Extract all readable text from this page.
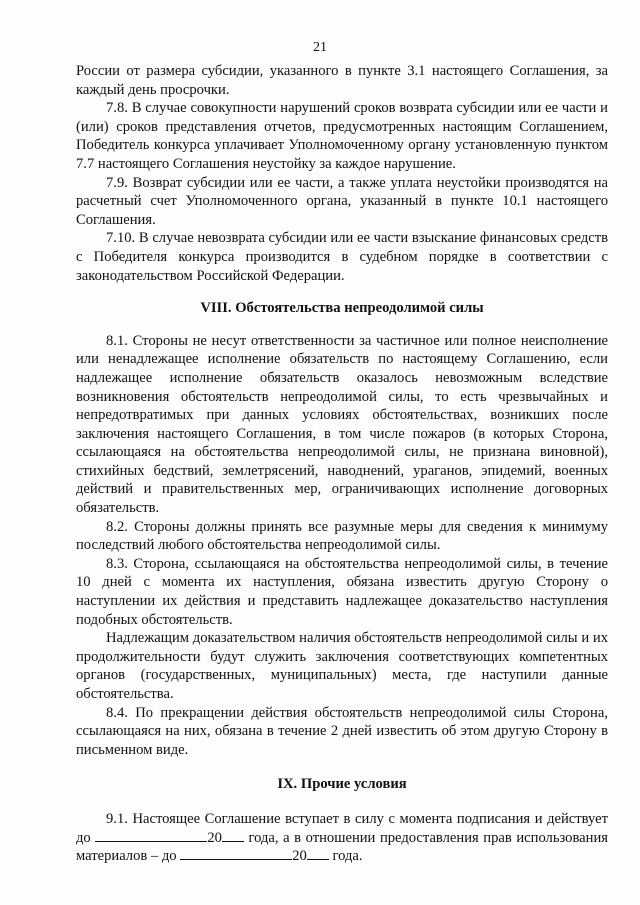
21

России от размера субсидии, указанного в пункте 3.1 настоящего Соглашения, за каждый день просрочки.

7.8. В случае совокупности нарушений сроков возврата субсидии или ее части и (или) сроков представления отчетов, предусмотренных настоящим Соглашением, Победитель конкурса уплачивает Уполномоченному органу установленную пунктом 7.7 настоящего Соглашения неустойку за каждое нарушение.

7.9. Возврат субсидии или ее части, а также уплата неустойки производятся на расчетный счет Уполномоченного органа, указанный в пункте 10.1 настоящего Соглашения.

7.10. В случае невозврата субсидии или ее части взыскание финансовых средств с Победителя конкурса производится в судебном порядке в соответствии с законодательством Российской Федерации.

VIII. Обстоятельства непреодолимой силы

8.1. Стороны не несут ответственности за частичное или полное неисполнение или ненадлежащее исполнение обязательств по настоящему Соглашению, если надлежащее исполнение обязательств оказалось невозможным вследствие возникновения обстоятельств непреодолимой силы, то есть чрезвычайных и непредотвратимых при данных условиях обстоятельствах, возникших после заключения настоящего Соглашения, в том числе пожаров (в которых Сторона, ссылающаяся на обстоятельства непреодолимой силы, не признана виновной), стихийных бедствий, землетрясений, наводнений, ураганов, эпидемий, военных действий и правительственных мер, ограничивающих исполнение договорных обязательств.

8.2. Стороны должны принять все разумные меры для сведения к минимуму последствий любого обстоятельства непреодолимой силы.

8.3. Сторона, ссылающаяся на обстоятельства непреодолимой силы, в течение 10 дней с момента их наступления, обязана известить другую Сторону о наступлении их действия и представить надлежащее доказательство наступления подобных обстоятельств.

Надлежащим доказательством наличия обстоятельств непреодолимой силы и их продолжительности будут служить заключения соответствующих компетентных органов (государственных, муниципальных) места, где наступили данные обстоятельства.

8.4. По прекращении действия обстоятельств непреодолимой силы Сторона, ссылающаяся на них, обязана в течение 2 дней известить об этом другую Сторону в письменном виде.

IX. Прочие условия

9.1. Настоящее Соглашение вступает в силу с момента подписания и действует до	20 года, а в отношении предоставления прав использования материалов – до	20 года.
